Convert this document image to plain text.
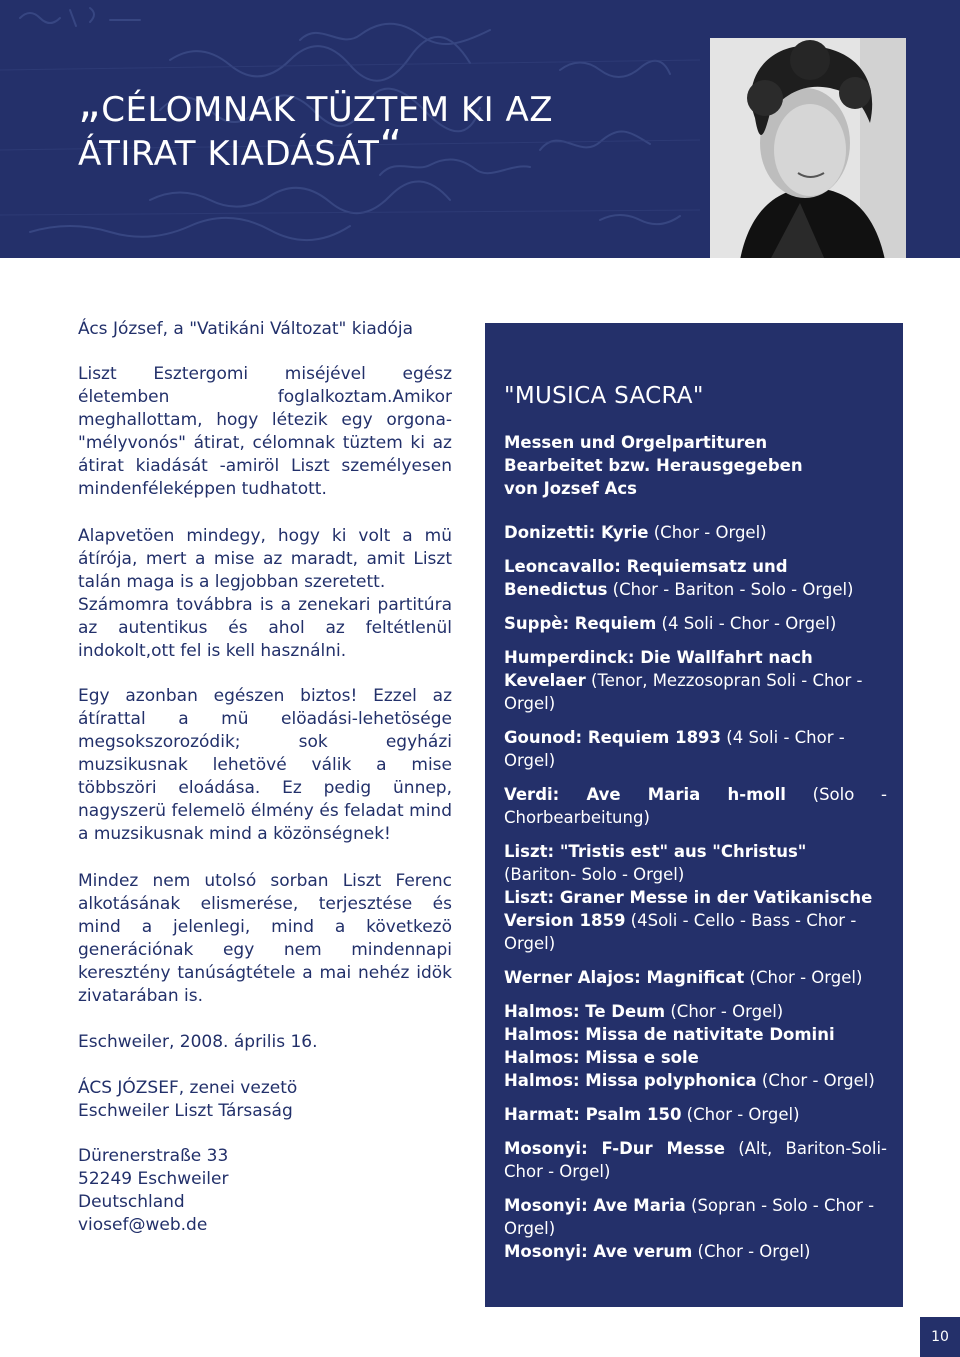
„CÉLOMNAK TÜZTEM KI AZ
ÁTIRAT KIADÁSÁT“

Ács József, a "Vatikáni Változat" kiadója

Liszt Esztergomi miséjével egész életemben foglalkoztam.Amikor meghallottam, hogy létezik egy orgona-"mélyvonós" átirat, célomnak tüztem ki az átirat kiadását -amiröl Liszt személyesen mindenféleképpen tudhatott.

Alapvetöen mindegy, hogy ki volt a mü átírója, mert a mise az maradt, amit Liszt talán maga is a legjobban szeretett.

Számomra továbbra is a zenekari partitúra az autentikus és ahol az feltétlenül indokolt,ott fel is kell használni.

Egy azonban egészen biztos! Ezzel az átírattal a mü elöadási-lehetösége megsokszorozódik; sok egyházi muzsikusnak lehetövé válik a mise többszöri eloádása. Ez pedig ünnep, nagyszerü felemelö élmény és feladat mind a muzsikusnak mind a közönségnek!

Mindez nem utolsó sorban Liszt Ferenc alkotásának elismerése, terjesztése és mind a jelenlegi, mind a következö generációnak egy nem mindennapi keresztény tanúságtétele a mai nehéz idök zivatarában is.

Eschweiler, 2008. április 16.

ÁCS JÓZSEF, zenei vezetö
Eschweiler Liszt Társaság

Dürenerstraße 33
52249 Eschweiler
Deutschland
viosef@web.de

"MUSICA SACRA"
Messen und Orgelpartituren
Bearbeitet bzw. Herausgegeben
von Jozsef Acs
Donizetti: Kyrie (Chor - Orgel)
Leoncavallo: Requiemsatz und Benedictus (Chor - Bariton - Solo - Orgel)
Suppè: Requiem (4 Soli - Chor - Orgel)
Humperdinck: Die Wallfahrt nach Kevelaer (Tenor, Mezzosopran Soli - Chor - Orgel)
Gounod: Requiem 1893 (4 Soli - Chor - Orgel)
Verdi: Ave Maria h-moll (Solo - Chorbearbeitung)
Liszt: "Tristis est" aus "Christus"
(Bariton- Solo - Orgel)
Liszt: Graner Messe in der Vatikanische Version 1859 (4Soli - Cello - Bass - Chor - Orgel)
Werner Alajos: Magnificat (Chor - Orgel)
Halmos: Te Deum (Chor - Orgel)
Halmos: Missa de nativitate Domini
Halmos: Missa e sole
Halmos: Missa polyphonica (Chor - Orgel)
Harmat: Psalm 150 (Chor - Orgel)
Mosonyi: F-Dur Messe (Alt, Bariton-Soli-Chor - Orgel)
Mosonyi: Ave Maria (Sopran - Solo - Chor - Orgel)
Mosonyi: Ave verum (Chor - Orgel)
10
